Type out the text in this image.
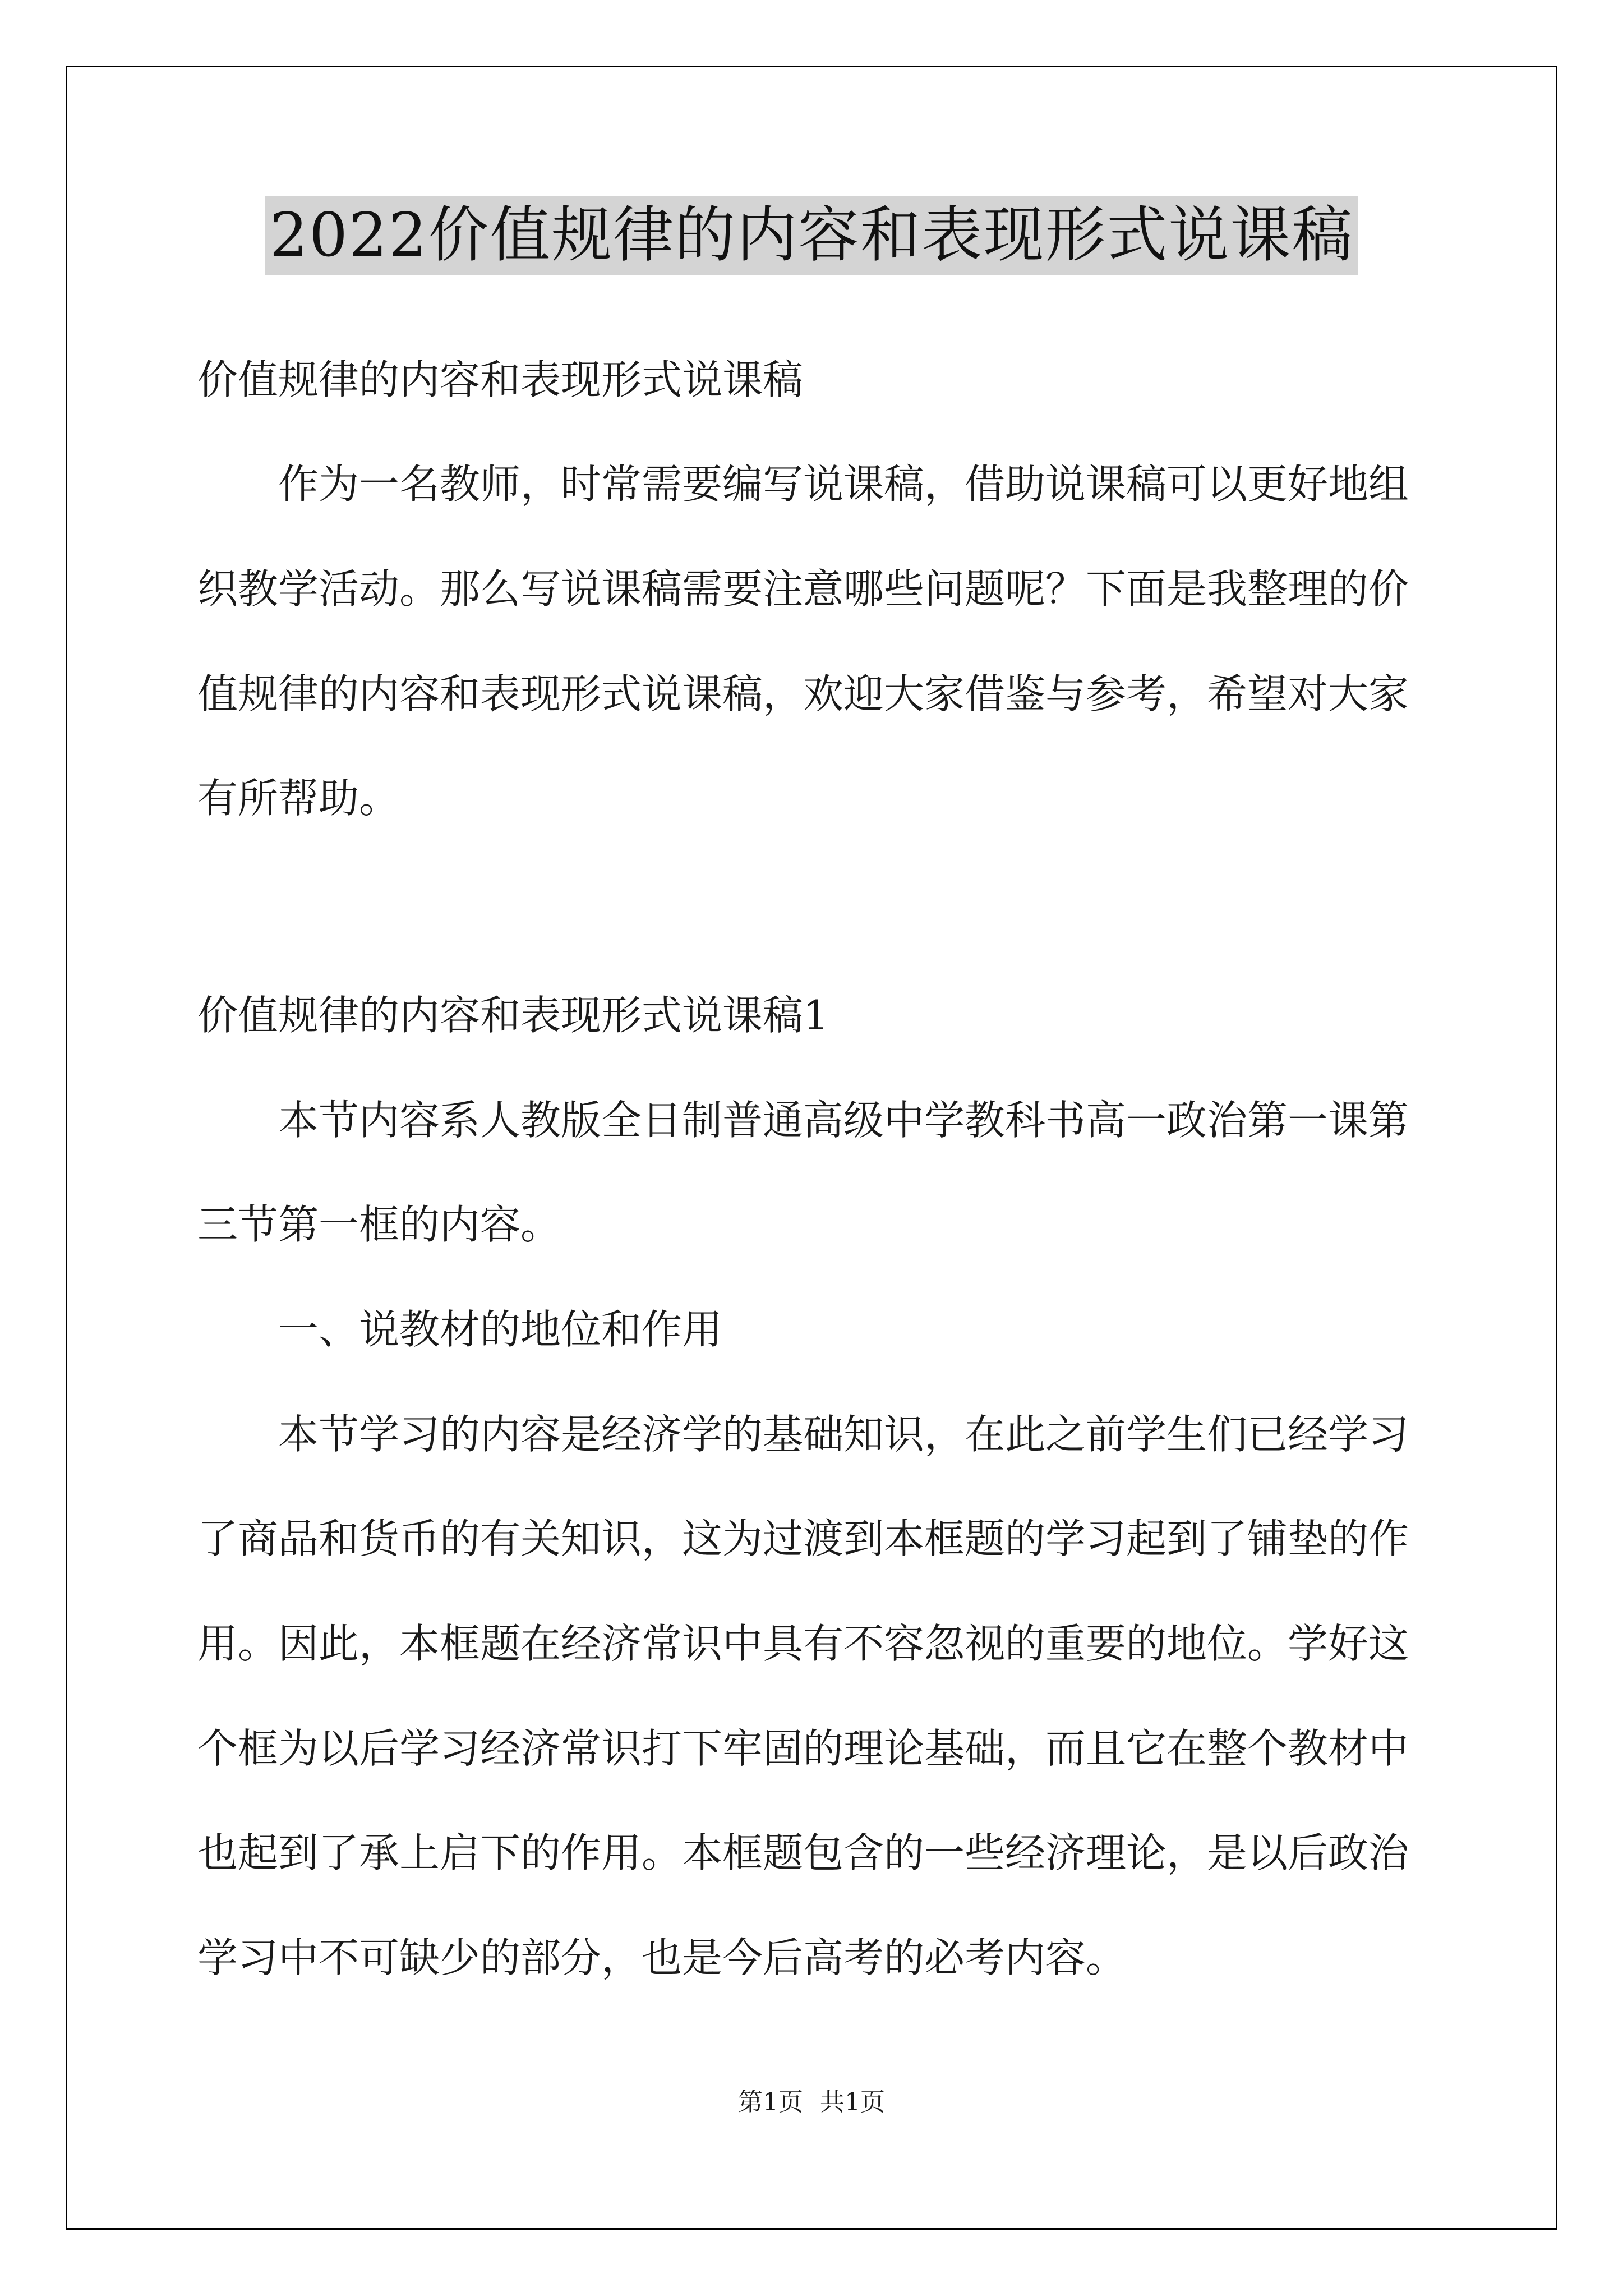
2022价值规律的内容和表现形式说课稿
价值规律的内容和表现形式说课稿
作为一名教师，时常需要编写说课稿，借助说课稿可以更好地组
织教学活动。那么写说课稿需要注意哪些问题呢？下面是我整理的价
值规律的内容和表现形式说课稿，欢迎大家借鉴与参考，希望对大家
有所帮助。
价值规律的内容和表现形式说课稿1
本节内容系人教版全日制普通高级中学教科书高一政治第一课第
三节第一框的内容。
一、说教材的地位和作用
本节学习的内容是经济学的基础知识，在此之前学生们已经学习
了商品和货币的有关知识，这为过渡到本框题的学习起到了铺垫的作
用。因此，本框题在经济常识中具有不容忽视的重要的地位。学好这
个框为以后学习经济常识打下牢固的理论基础，而且它在整个教材中
也起到了承上启下的作用。本框题包含的一些经济理论，是以后政治
学习中不可缺少的部分，也是今后高考的必考内容。
第1页 共1页
